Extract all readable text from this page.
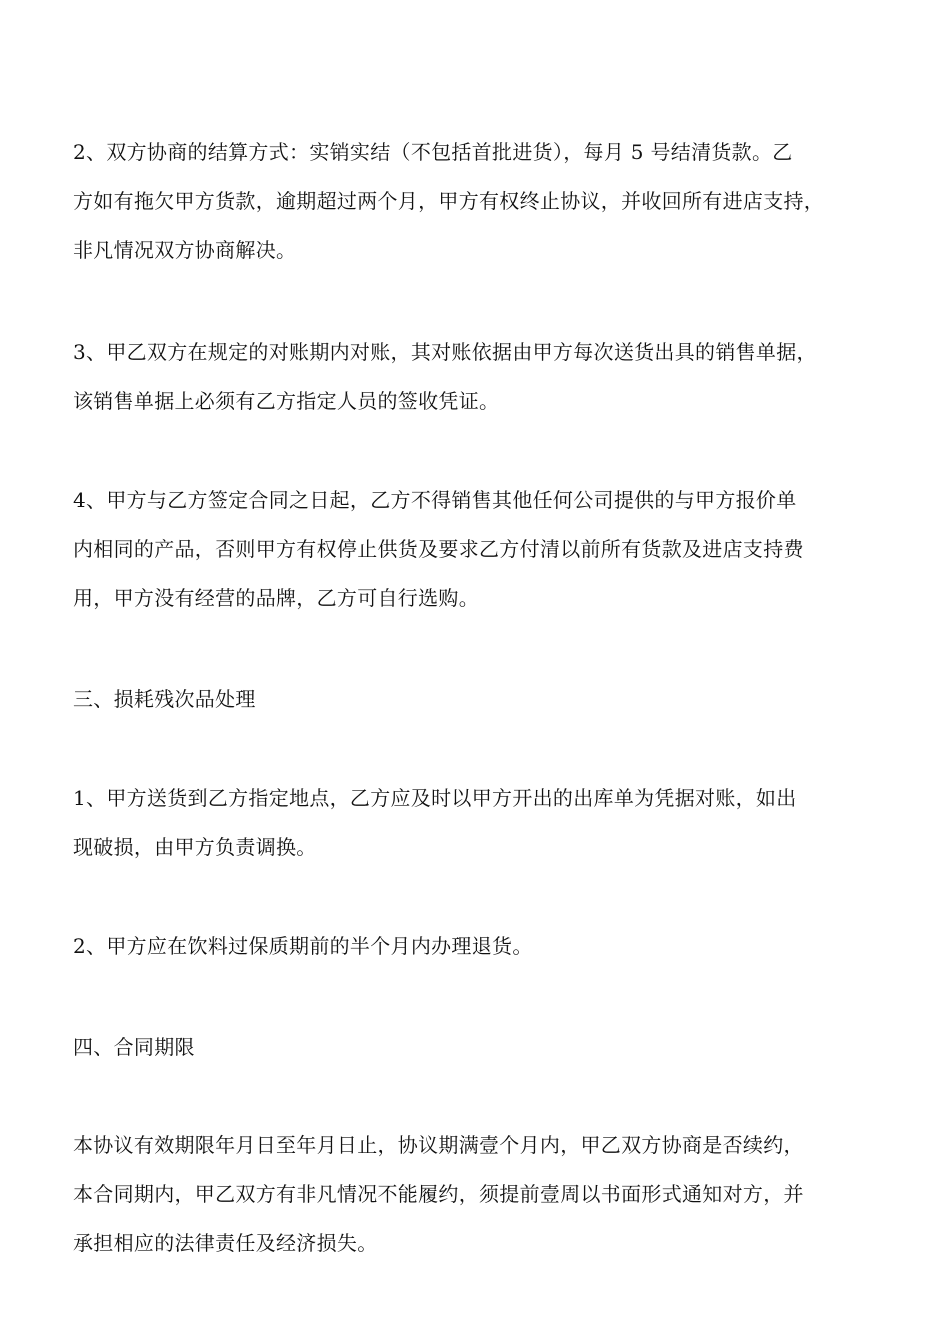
2、双方协商的结算方式：实销实结（不包括首批进货），每月 5 号结清货款。乙
方如有拖欠甲方货款，逾期超过两个月，甲方有权终止协议，并收回所有进店支持，
非凡情况双方协商解决。
3、甲乙双方在规定的对账期内对账，其对账依据由甲方每次送货出具的销售单据，
该销售单据上必须有乙方指定人员的签收凭证。
4、甲方与乙方签定合同之日起，乙方不得销售其他任何公司提供的与甲方报价单
内相同的产品，否则甲方有权停止供货及要求乙方付清以前所有货款及进店支持费
用，甲方没有经营的品牌，乙方可自行选购。
三、损耗残次品处理
1、甲方送货到乙方指定地点，乙方应及时以甲方开出的出库单为凭据对账，如出
现破损，由甲方负责调换。
2、甲方应在饮料过保质期前的半个月内办理退货。
四、合同期限
本协议有效期限年月日至年月日止，协议期满壹个月内，甲乙双方协商是否续约，
本合同期内，甲乙双方有非凡情况不能履约，须提前壹周以书面形式通知对方，并
承担相应的法律责任及经济损失。
